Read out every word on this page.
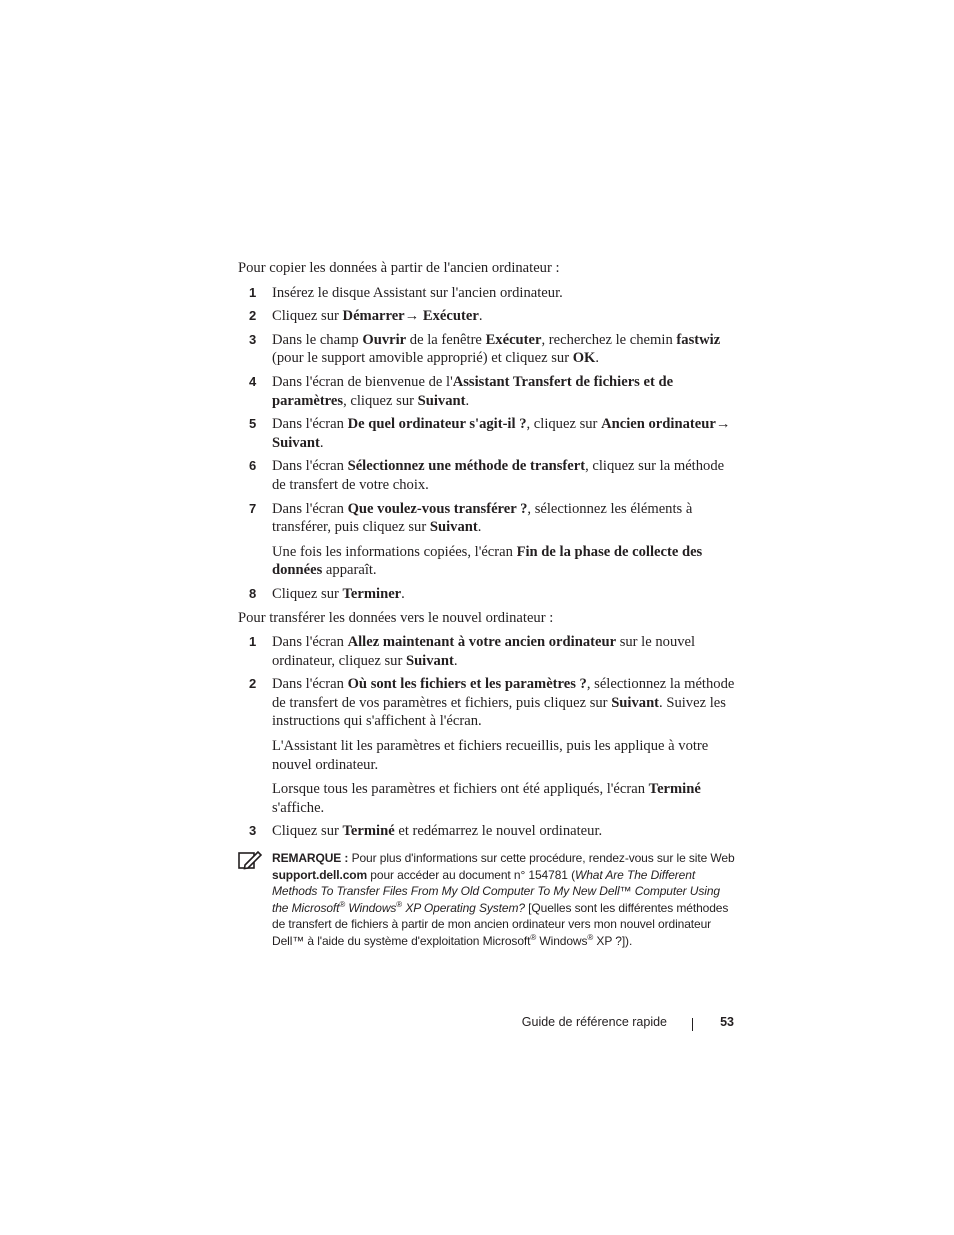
Pour copier les données à partir de l'ancien ordinateur :

1 Insérez le disque Assistant sur l'ancien ordinateur.

2 Cliquez sur Démarrer→ Exécuter.

3 Dans le champ Ouvrir de la fenêtre Exécuter, recherchez le chemin fastwiz (pour le support amovible approprié) et cliquez sur OK.

4 Dans l'écran de bienvenue de l'Assistant Transfert de fichiers et de paramètres, cliquez sur Suivant.

5 Dans l'écran De quel ordinateur s'agit-il ?, cliquez sur Ancien ordinateur→ Suivant.

6 Dans l'écran Sélectionnez une méthode de transfert, cliquez sur la méthode de transfert de votre choix.

7 Dans l'écran Que voulez-vous transférer ?, sélectionnez les éléments à transférer, puis cliquez sur Suivant.

Une fois les informations copiées, l'écran Fin de la phase de collecte des données apparaît.

8 Cliquez sur Terminer.

Pour transférer les données vers le nouvel ordinateur :

1 Dans l'écran Allez maintenant à votre ancien ordinateur sur le nouvel ordinateur, cliquez sur Suivant.

2 Dans l'écran Où sont les fichiers et les paramètres ?, sélectionnez la méthode de transfert de vos paramètres et fichiers, puis cliquez sur Suivant. Suivez les instructions qui s'affichent à l'écran.

L'Assistant lit les paramètres et fichiers recueillis, puis les applique à votre nouvel ordinateur.

Lorsque tous les paramètres et fichiers ont été appliqués, l'écran Terminé s'affiche.

3 Cliquez sur Terminé et redémarrez le nouvel ordinateur.

REMARQUE : Pour plus d'informations sur cette procédure, rendez-vous sur le site Web support.dell.com pour accéder au document n° 154781 (What Are The Different Methods To Transfer Files From My Old Computer To My New Dell™ Computer Using the Microsoft® Windows® XP Operating System? [Quelles sont les différentes méthodes de transfert de fichiers à partir de mon ancien ordinateur vers mon nouvel ordinateur Dell™ à l'aide du système d'exploitation Microsoft® Windows® XP ?]).
Guide de référence rapide	53
